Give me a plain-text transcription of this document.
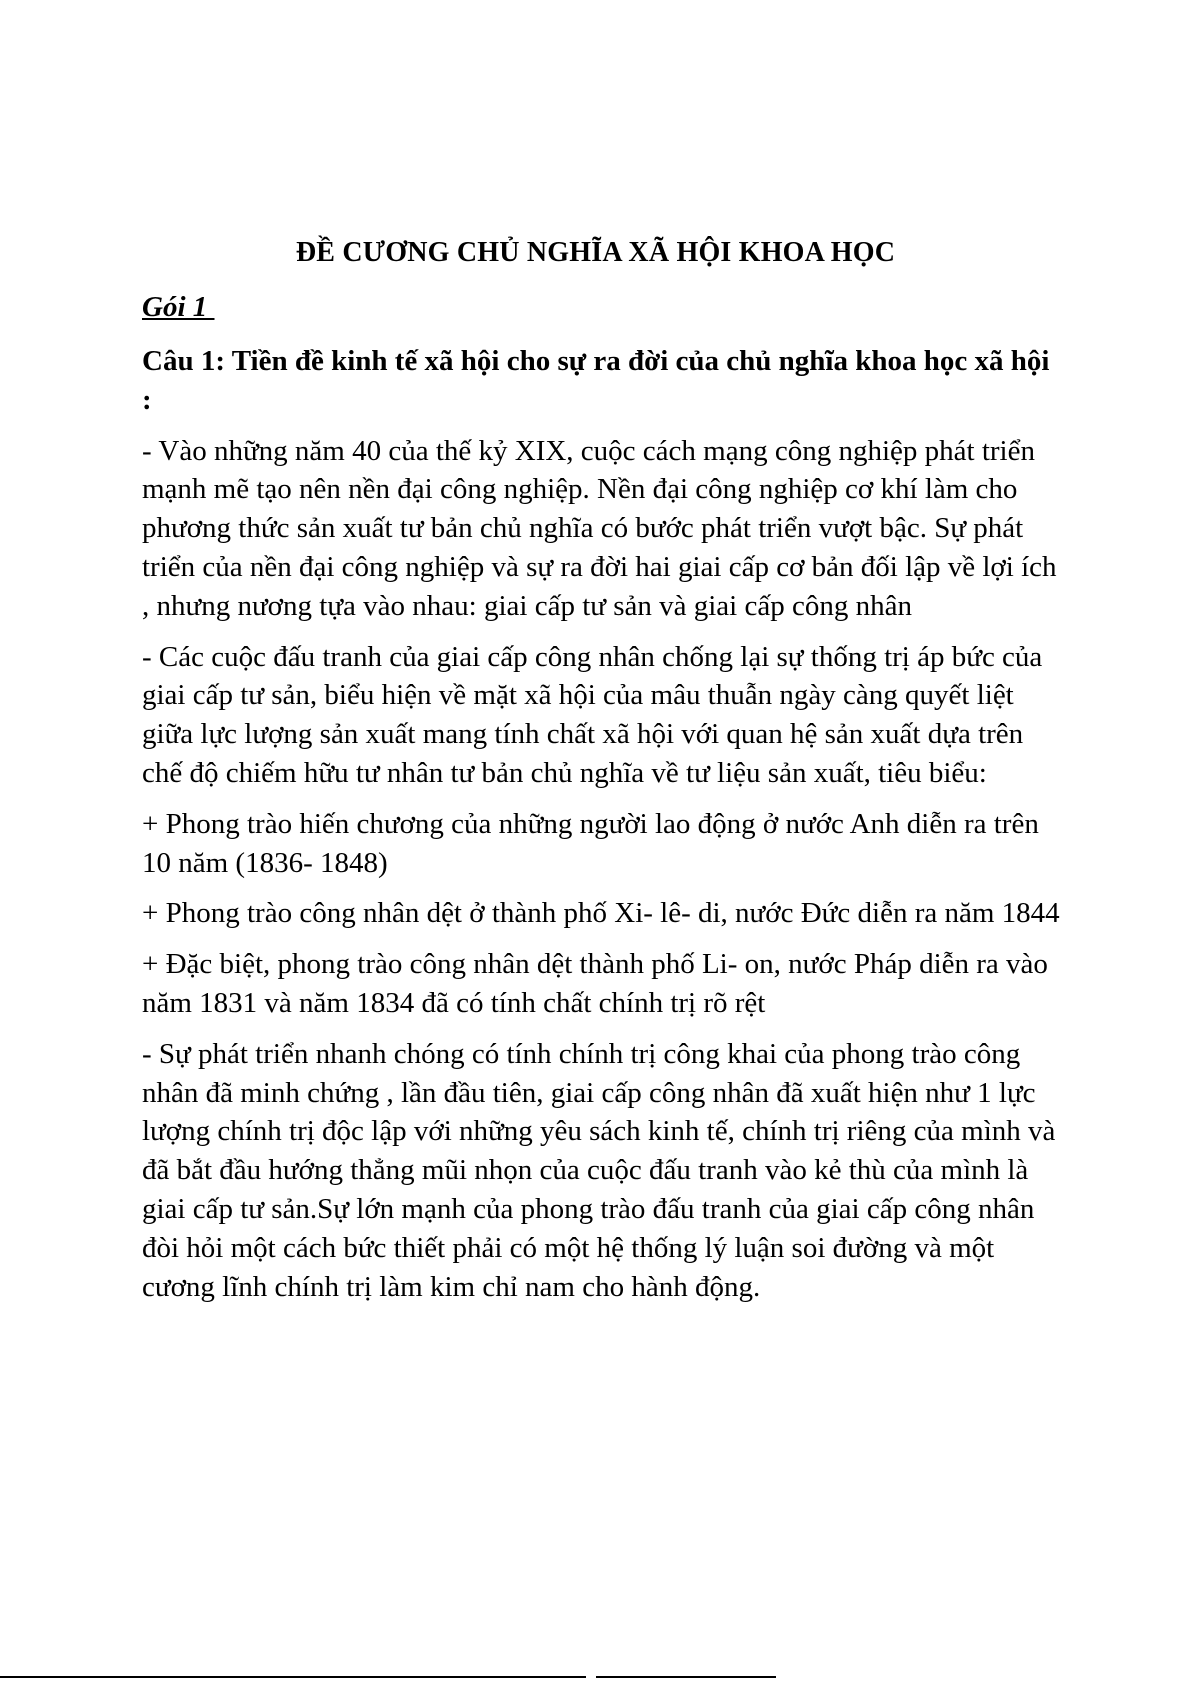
ĐỀ CƯƠNG CHỦ NGHĨA XÃ HỘI KHOA HỌC

Gói 1

Câu 1: Tiền đề kinh tế xã hội cho sự ra đời của chủ nghĩa khoa học xã hội :

- Vào những năm 40 của thế kỷ XIX, cuộc cách mạng công nghiệp phát triển mạnh mẽ tạo nên nền đại công nghiệp. Nền đại công nghiệp cơ khí làm cho phương thức sản xuất tư bản chủ nghĩa có bước phát triển vượt bậc. Sự phát triển của nền đại công nghiệp và sự ra đời hai giai cấp cơ bản đối lập về lợi ích , nhưng nương tựa vào nhau: giai cấp tư sản và giai cấp công nhân

- Các cuộc đấu tranh của giai cấp công nhân chống lại sự thống trị áp bức của giai cấp tư sản, biểu hiện về mặt xã hội của mâu thuẫn ngày càng quyết liệt giữa lực lượng sản xuất mang tính chất xã hội với quan hệ sản xuất dựa trên chế độ chiếm hữu tư nhân tư bản chủ nghĩa về tư liệu sản xuất, tiêu biểu:

+ Phong trào hiến chương của những người lao động ở nước Anh diễn ra trên 10 năm (1836- 1848)

+ Phong trào công nhân dệt ở thành phố Xi- lê- di, nước Đức diễn ra năm 1844

+ Đặc biệt, phong trào công nhân dệt thành phố Li- on, nước Pháp diễn ra vào năm 1831 và năm 1834 đã có tính chất chính trị rõ rệt

- Sự phát triển nhanh chóng có tính chính trị công khai của phong trào công nhân đã minh chứng , lần đầu tiên, giai cấp công nhân đã xuất hiện như 1 lực lượng chính trị độc lập với những yêu sách kinh tế, chính trị riêng của mình và đã bắt đầu hướng thẳng mũi nhọn của cuộc đấu tranh vào kẻ thù của mình là giai cấp tư sản.Sự lớn mạnh của phong trào đấu tranh của giai cấp công nhân đòi hỏi một cách bức thiết phải có một hệ thống lý luận soi đường và một cương lĩnh chính trị làm kim chỉ nam cho hành động.
